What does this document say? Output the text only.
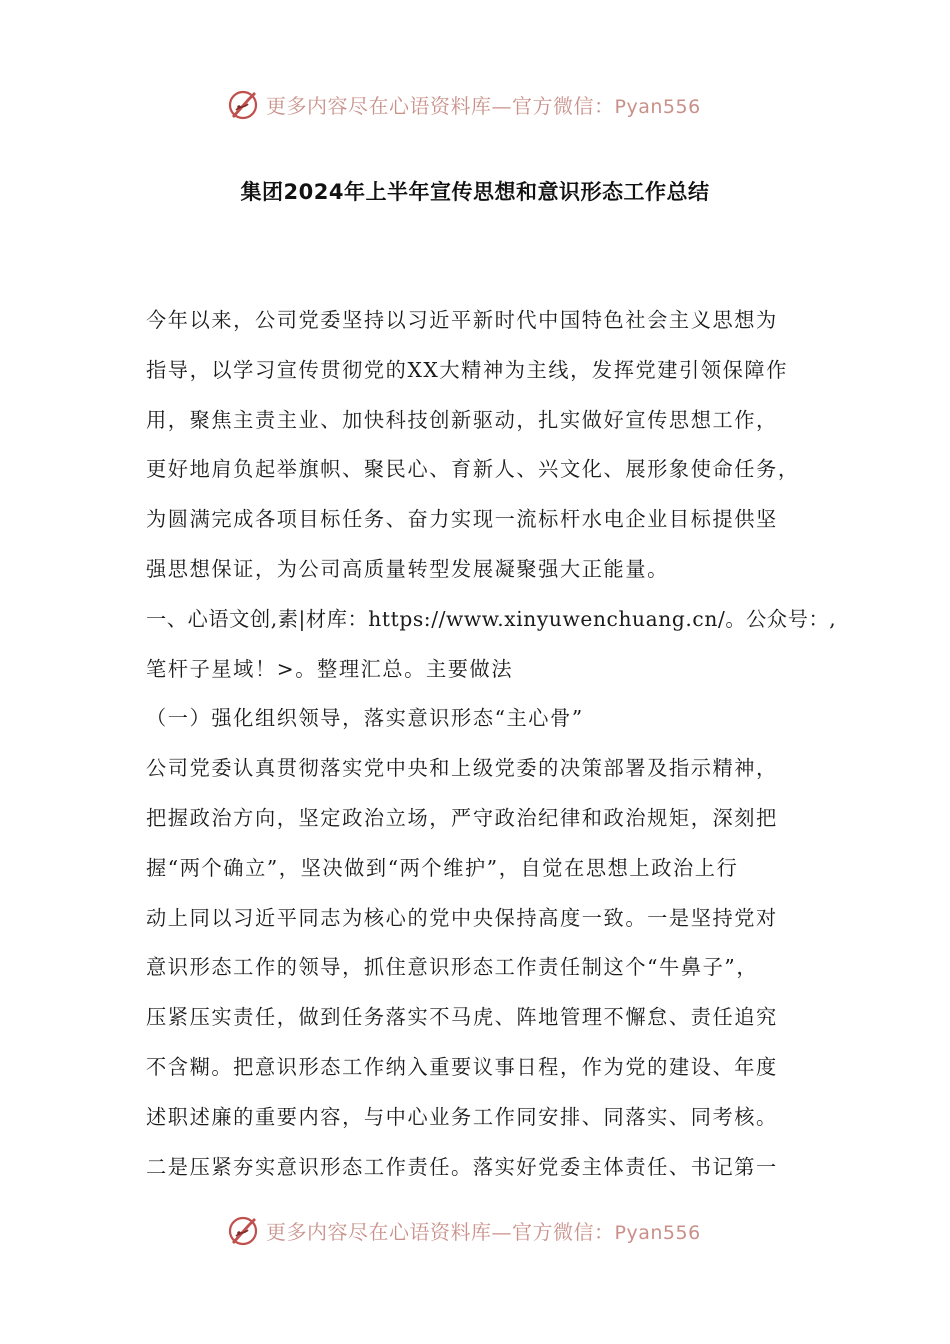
更多内容尽在心语资料库—官方微信：Pyan556
集团2024年上半年宣传思想和意识形态工作总结
今年以来，公司党委坚持以习近平新时代中国特色社会主义思想为
指导，以学习宣传贯彻党的XX大精神为主线，发挥党建引领保障作
用，聚焦主责主业、加快科技创新驱动，扎实做好宣传思想工作，
更好地肩负起举旗帜、聚民心、育新人、兴文化、展形象使命任务，
为圆满完成各项目标任务、奋力实现一流标杆水电企业目标提供坚
强思想保证，为公司高质量转型发展凝聚强大正能量。
一、心语文创,素|材库：https://www.xinyuwenchuang.cn/。公众号：,
笔杆子星域！>。整理汇总。主要做法
（一）强化组织领导，落实意识形态“主心骨”
公司党委认真贯彻落实党中央和上级党委的决策部署及指示精神，
把握政治方向，坚定政治立场，严守政治纪律和政治规矩，深刻把
握“两个确立”，坚决做到“两个维护”，自觉在思想上政治上行
动上同以习近平同志为核心的党中央保持高度一致。一是坚持党对
意识形态工作的领导，抓住意识形态工作责任制这个“牛鼻子”，
压紧压实责任，做到任务落实不马虎、阵地管理不懈怠、责任追究
不含糊。把意识形态工作纳入重要议事日程，作为党的建设、年度
述职述廉的重要内容，与中心业务工作同安排、同落实、同考核。
二是压紧夯实意识形态工作责任。落实好党委主体责任、书记第一
更多内容尽在心语资料库—官方微信：Pyan556
